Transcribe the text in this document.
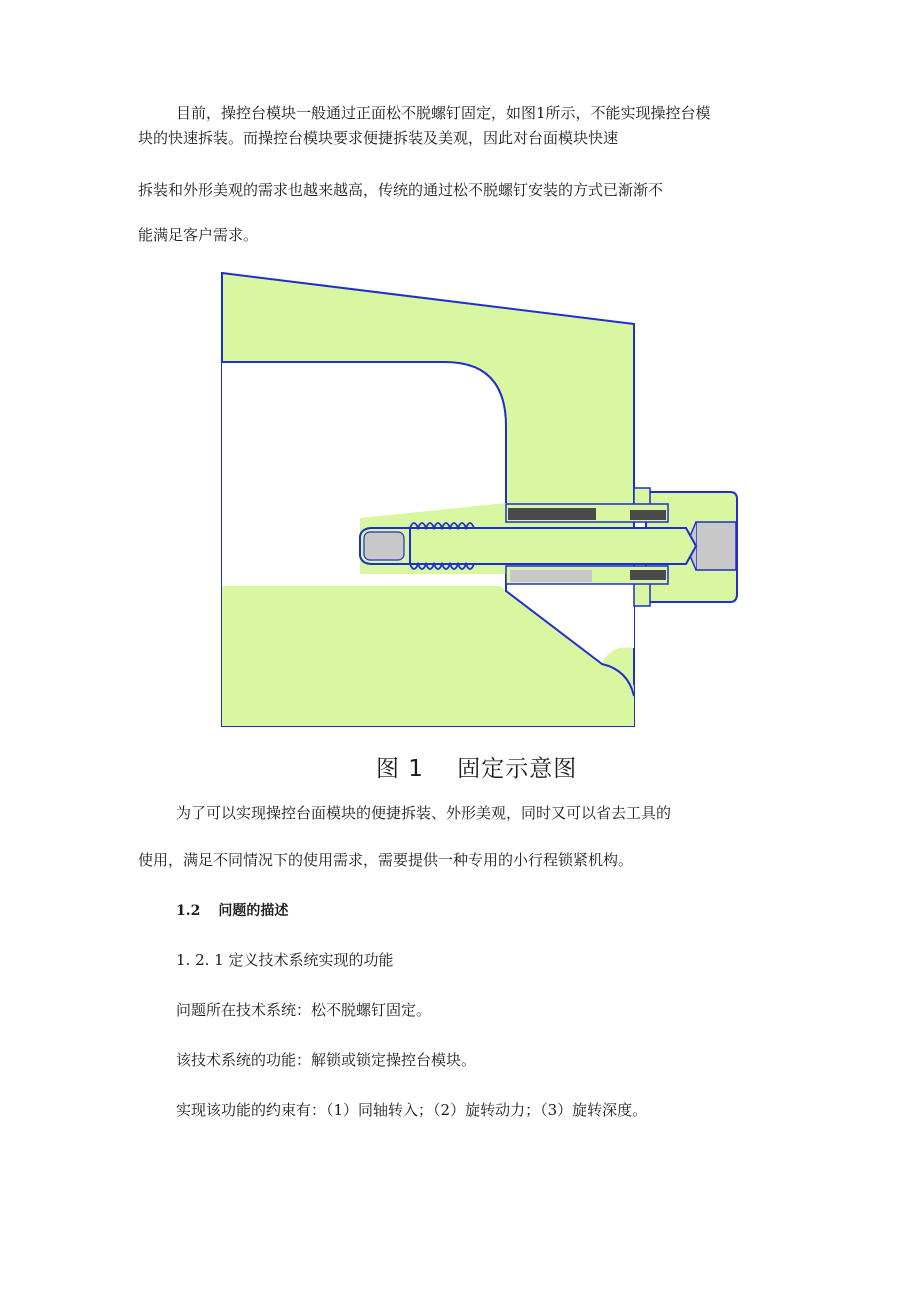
目前，操控台模块一般通过正面松不脱螺钉固定，如图1所示，不能实现操控台模
块的快速拆装。而操控台模块要求便捷拆装及美观，因此对台面模块快速
拆装和外形美观的需求也越来越高，传统的通过松不脱螺钉安装的方式已渐渐不
能满足客户需求。
图 1    固定示意图
为了可以实现操控台面模块的便捷拆装、外形美观，同时又可以省去工具的
使用，满足不同情况下的使用需求，需要提供一种专用的小行程锁紧机构。
1.2 问题的描述
1. 2. 1 定义技术系统实现的功能
问题所在技术系统：松不脱螺钉固定。
该技术系统的功能：解锁或锁定操控台模块。
实现该功能的约束有：（1）同轴转入；（2）旋转动力；（3）旋转深度。
